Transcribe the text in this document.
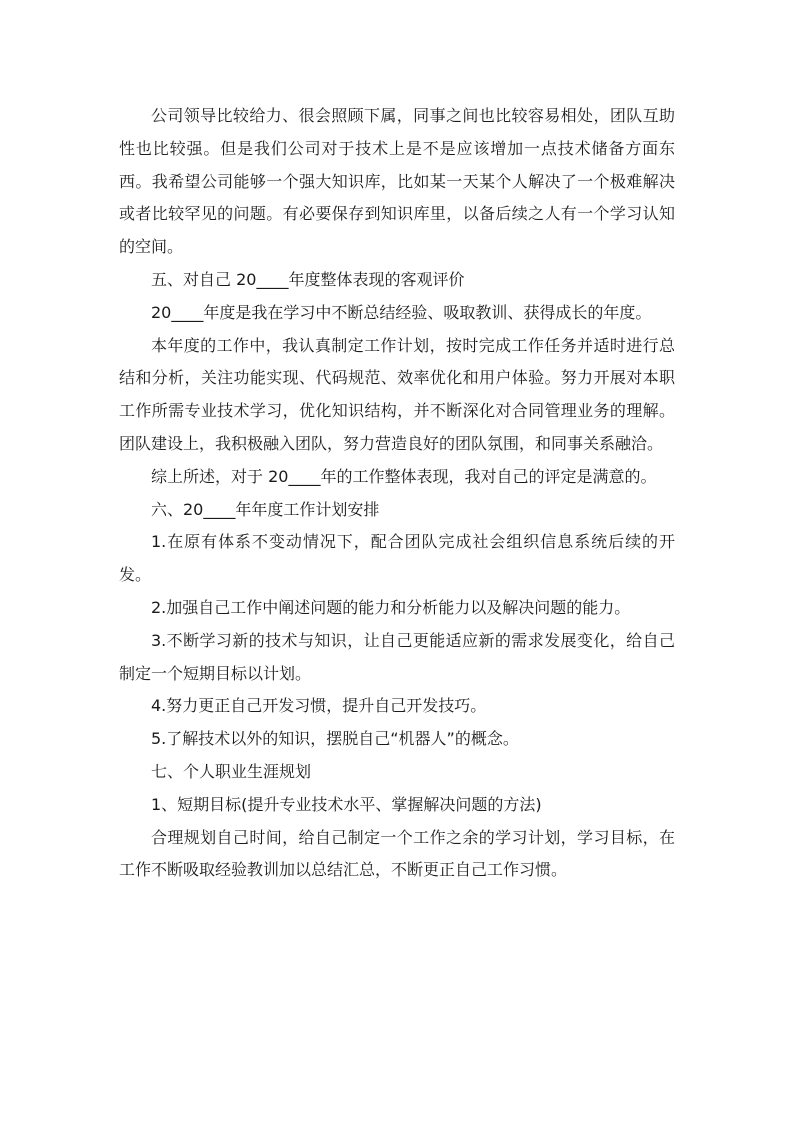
公司领导比较给力、很会照顾下属，同事之间也比较容易相处，团队互助性也比较强。但是我们公司对于技术上是不是应该增加一点技术储备方面东西。我希望公司能够一个强大知识库，比如某一天某个人解决了一个极难解决或者比较罕见的问题。有必要保存到知识库里，以备后续之人有一个学习认知的空间。

五、对自己 20____年度整体表现的客观评价

20____年度是我在学习中不断总结经验、吸取教训、获得成长的年度。

本年度的工作中，我认真制定工作计划，按时完成工作任务并适时进行总结和分析，关注功能实现、代码规范、效率优化和用户体验。努力开展对本职工作所需专业技术学习，优化知识结构，并不断深化对合同管理业务的理解。团队建设上，我积极融入团队，努力营造良好的团队氛围，和同事关系融洽。

综上所述，对于 20____年的工作整体表现，我对自己的评定是满意的。

六、20____年年度工作计划安排

1.在原有体系不变动情况下，配合团队完成社会组织信息系统后续的开发。

2.加强自己工作中阐述问题的能力和分析能力以及解决问题的能力。

3.不断学习新的技术与知识，让自己更能适应新的需求发展变化，给自己制定一个短期目标以计划。

4.努力更正自己开发习惯，提升自己开发技巧。

5.了解技术以外的知识，摆脱自己“机器人”的概念。

七、个人职业生涯规划

1、短期目标(提升专业技术水平、掌握解决问题的方法)

合理规划自己时间，给自己制定一个工作之余的学习计划，学习目标，在工作不断吸取经验教训加以总结汇总，不断更正自己工作习惯。
